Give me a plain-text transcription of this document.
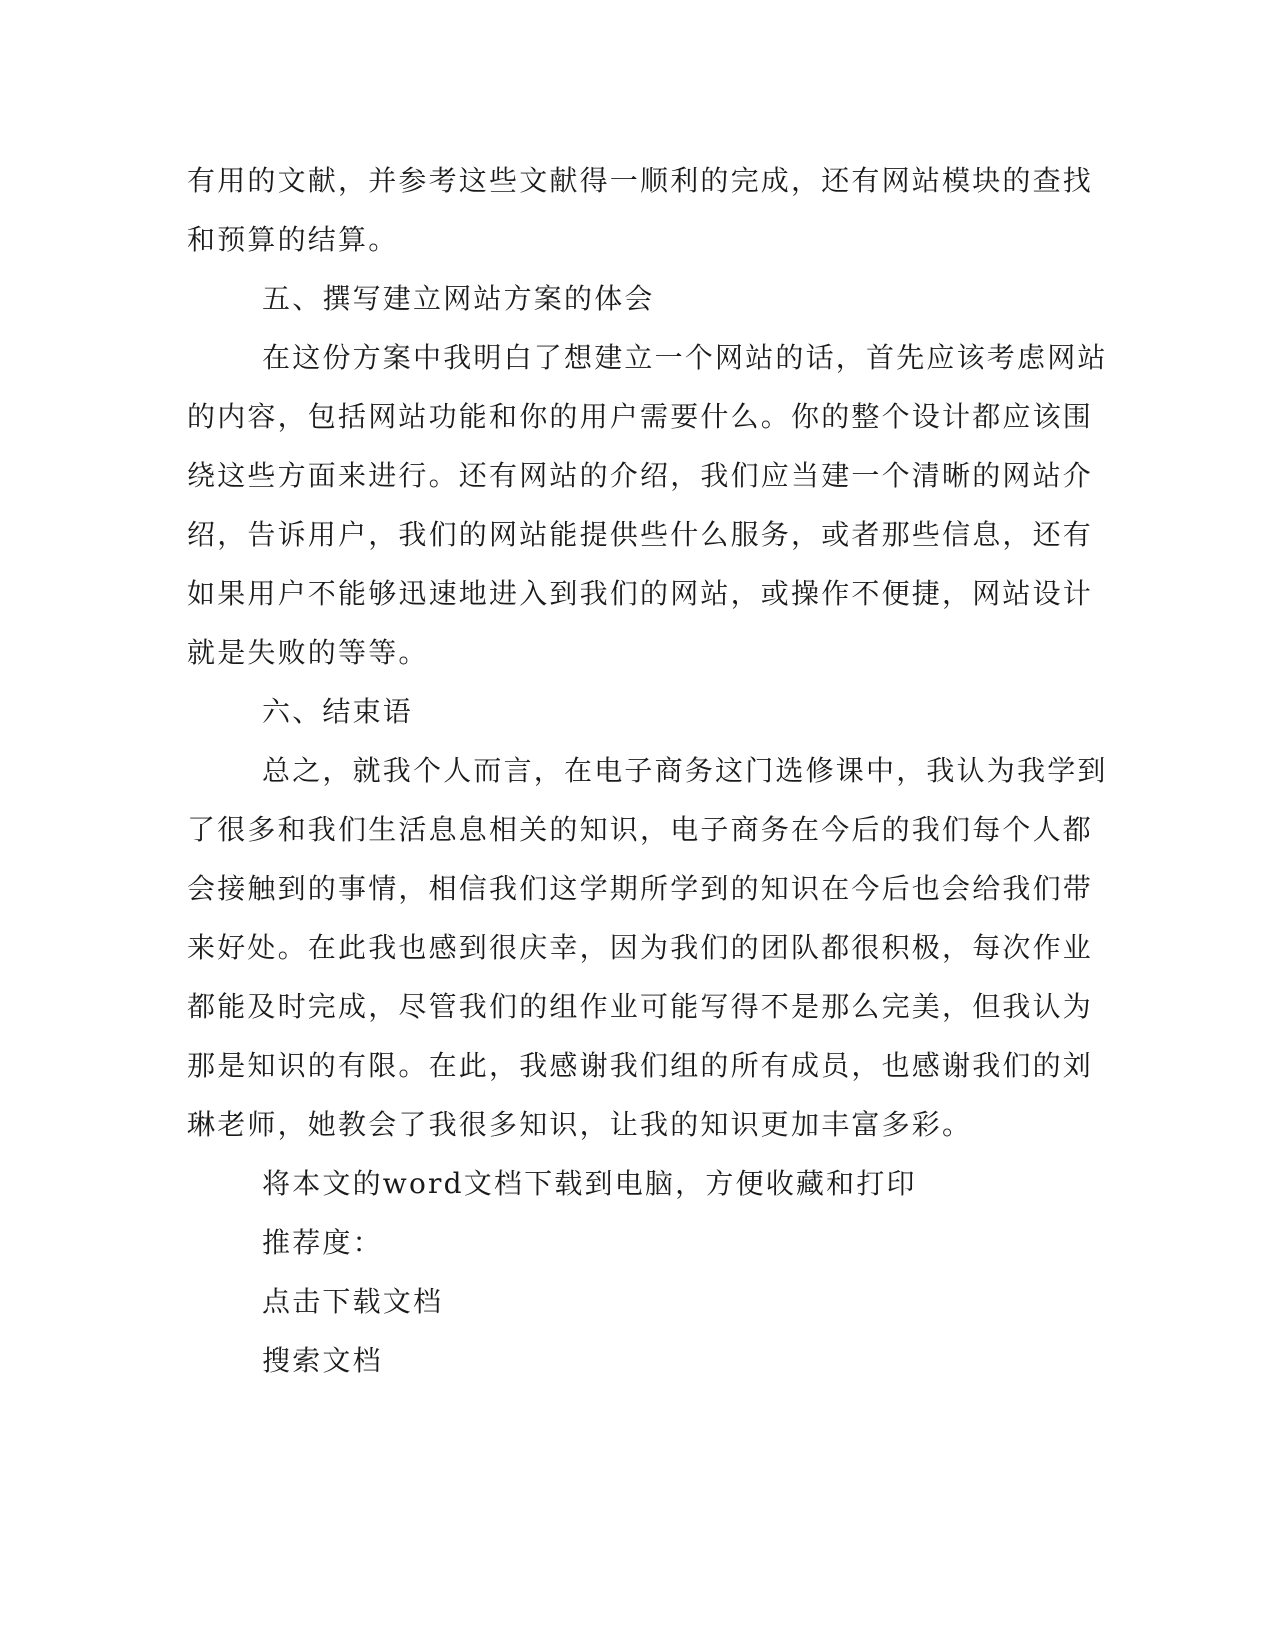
有用的文献，并参考这些文献得一顺利的完成，还有网站模块的查找
和预算的结算。
五、撰写建立网站方案的体会
在这份方案中我明白了想建立一个网站的话，首先应该考虑网站
的内容，包括网站功能和你的用户需要什么。你的整个设计都应该围
绕这些方面来进行。还有网站的介绍，我们应当建一个清晰的网站介
绍，告诉用户，我们的网站能提供些什么服务，或者那些信息，还有
如果用户不能够迅速地进入到我们的网站，或操作不便捷，网站设计
就是失败的等等。
六、结束语
总之，就我个人而言，在电子商务这门选修课中，我认为我学到
了很多和我们生活息息相关的知识，电子商务在今后的我们每个人都
会接触到的事情，相信我们这学期所学到的知识在今后也会给我们带
来好处。在此我也感到很庆幸，因为我们的团队都很积极，每次作业
都能及时完成，尽管我们的组作业可能写得不是那么完美，但我认为
那是知识的有限。在此，我感谢我们组的所有成员，也感谢我们的刘
琳老师，她教会了我很多知识，让我的知识更加丰富多彩。
将本文的word文档下载到电脑，方便收藏和打印
推荐度：
点击下载文档
搜索文档
